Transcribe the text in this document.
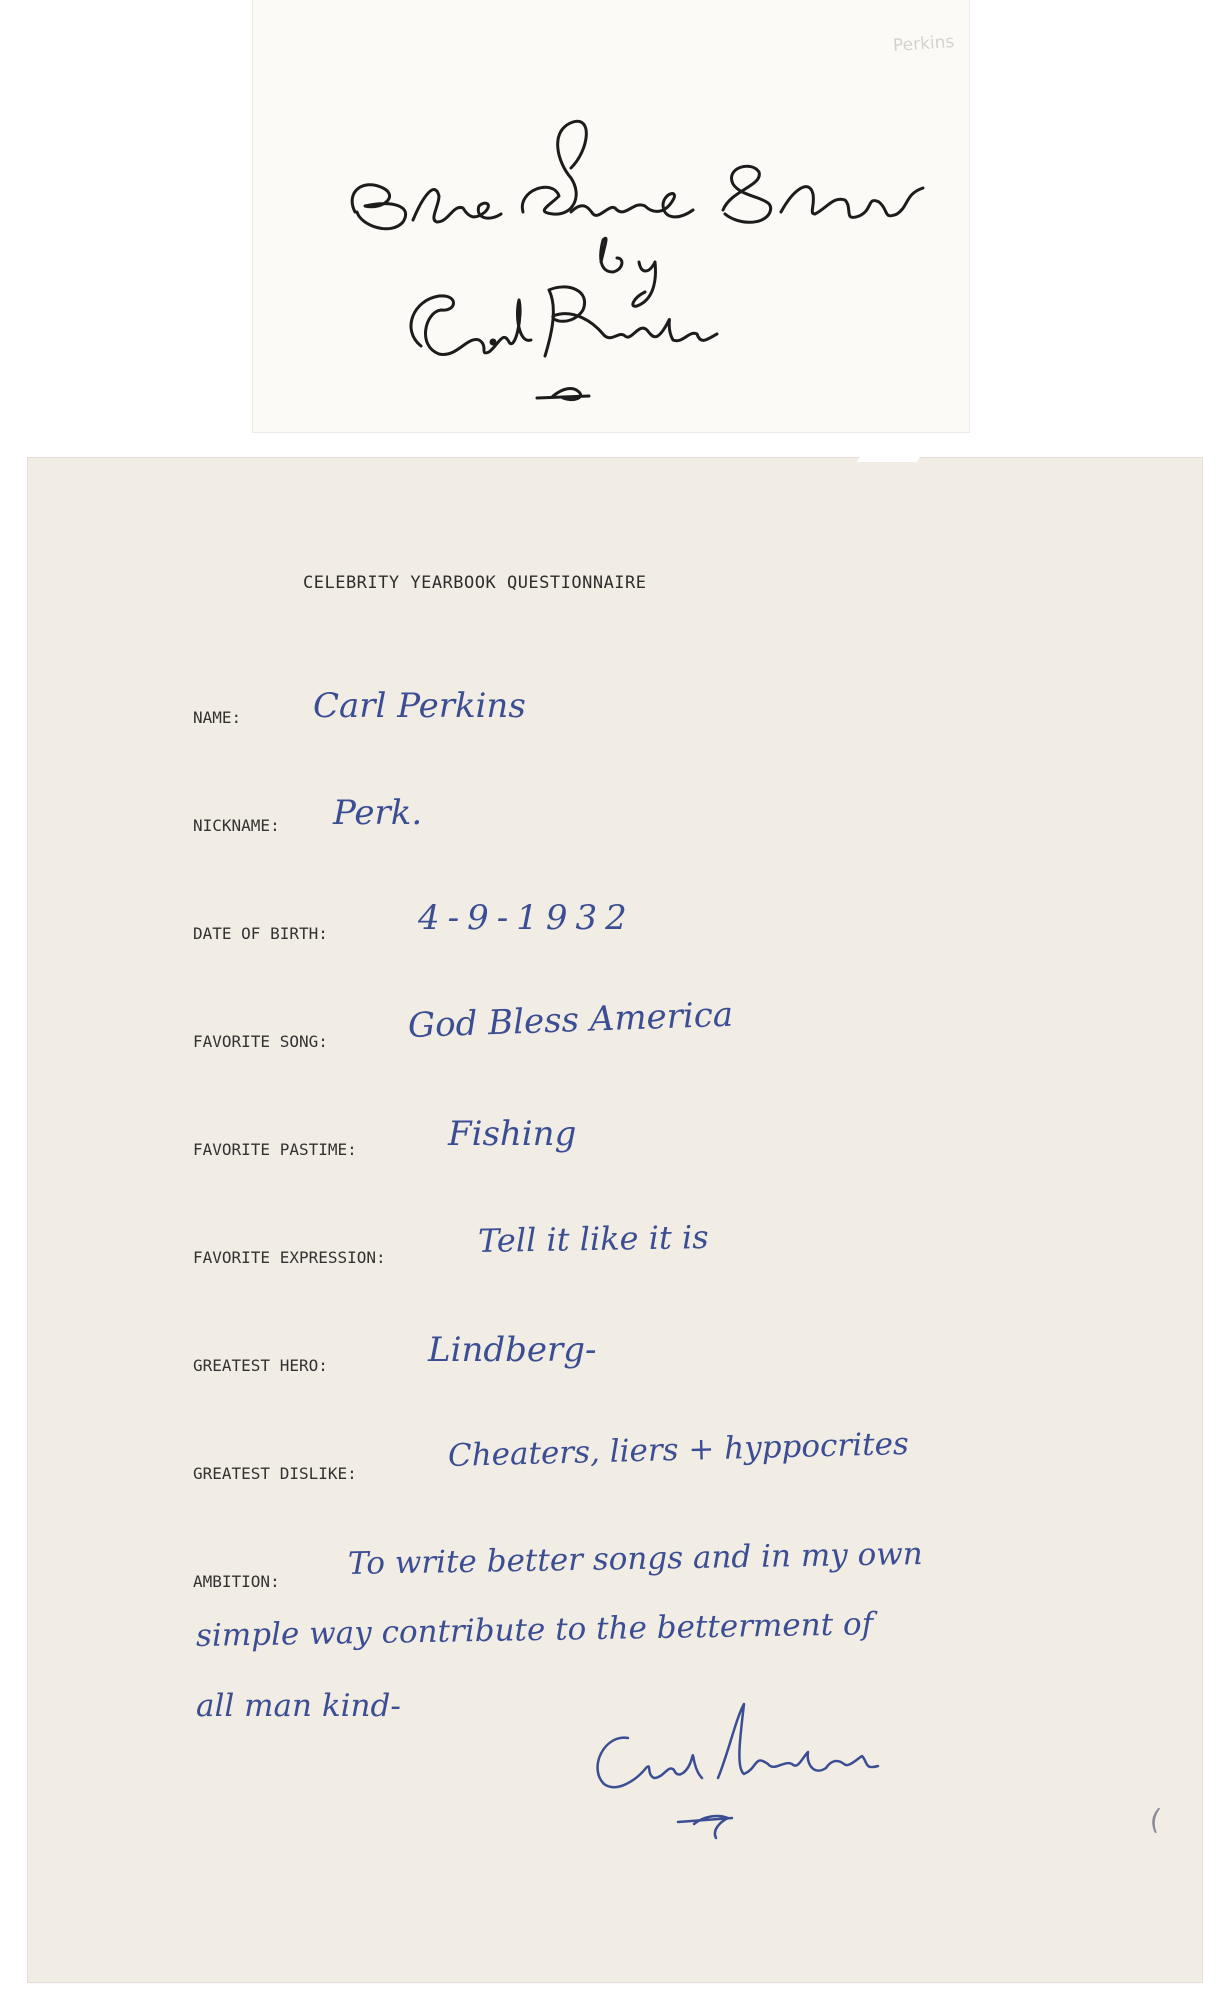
Perkins
CELEBRITY YEARBOOK QUESTIONNAIRE
NAME: Carl Perkins
NICKNAME: Perk.
DATE OF BIRTH:	4-9-1932
FAVORITE SONG: God Bless America
FAVORITE PASTIME:	Fishing
FAVORITE EXPRESSION:	Tell it like it is
GREATEST HERO:	Lindberg-
GREATEST DISLIKE:	Cheaters, liers + hyppocrites
AMBITION: To write better songs and in my own
simple way contribute to the betterment of
all man kind-
(
